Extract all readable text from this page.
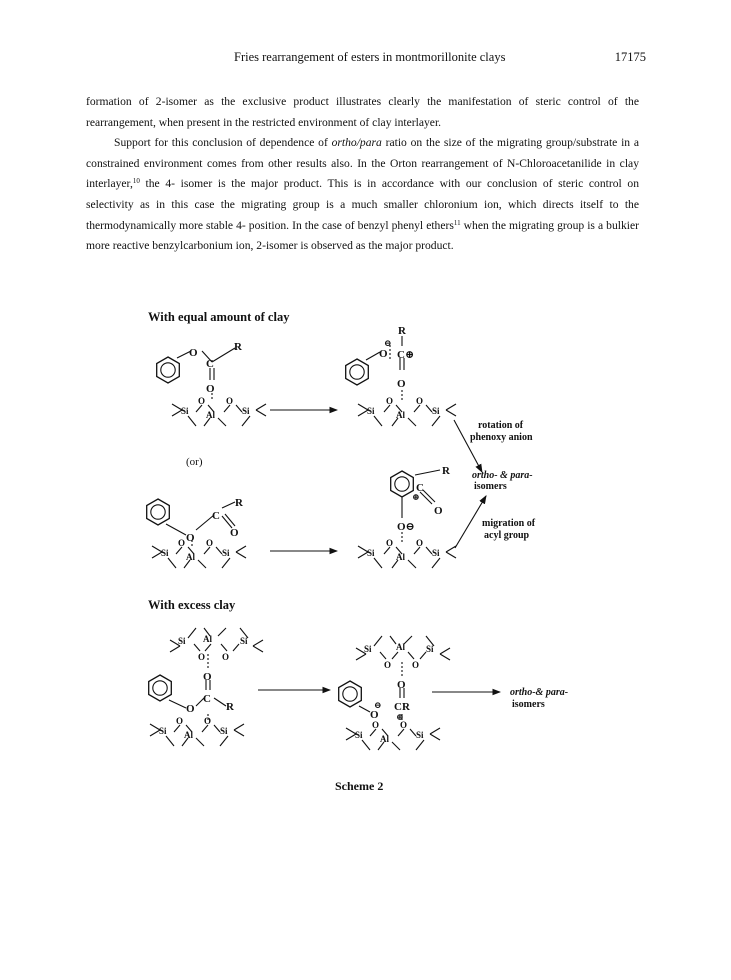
Fries rearrangement of esters in montmorillonite clays	17175

formation of 2-isomer as the exclusive product illustrates clearly the manifestation of steric control of the rearrangement, when present in the restricted environment of clay interlayer.

Support for this conclusion of dependence of ortho/para ratio on the size of the migrating group/substrate in a constrained environment comes from other results also. In the Orton rearrangement of N-Chloroacetanilide in clay interlayer,$^{10}$ the 4- isomer is the major product. This is in accordance with our conclusion of steric control on selectivity as in this case the migrating group is a much smaller chloronium ion, which directs itself to the thermodynamically more stable 4- position. In the case of benzyl phenyl ethers$^{11}$ when the migrating group is a bulkier more reactive benzylcarbonium ion, 2-isomer is observed as the major product.

With equal amount of clay
With excess clay
Scheme 2
O
C
R
O
Si
O
Al
O
Si
R
C⊕
O
⊖
O
Si
O
Al
O
Si
rotation of
phenoxy anion
(or)
ortho- & para-
isomers
R
C
O
O
Si
O
Al
O
Si
R
C
⊕
O
O⊖
Si
O
Al
O
Si
migration of
acyl group
Si
O
Al
O
Si
O
C
R
O
Si
O
Al
O
Si
Si
O
Al
O
Si
O
CR
⊕
O
⊖
Si
O
Al
O
Si
ortho-& para-
isomers
